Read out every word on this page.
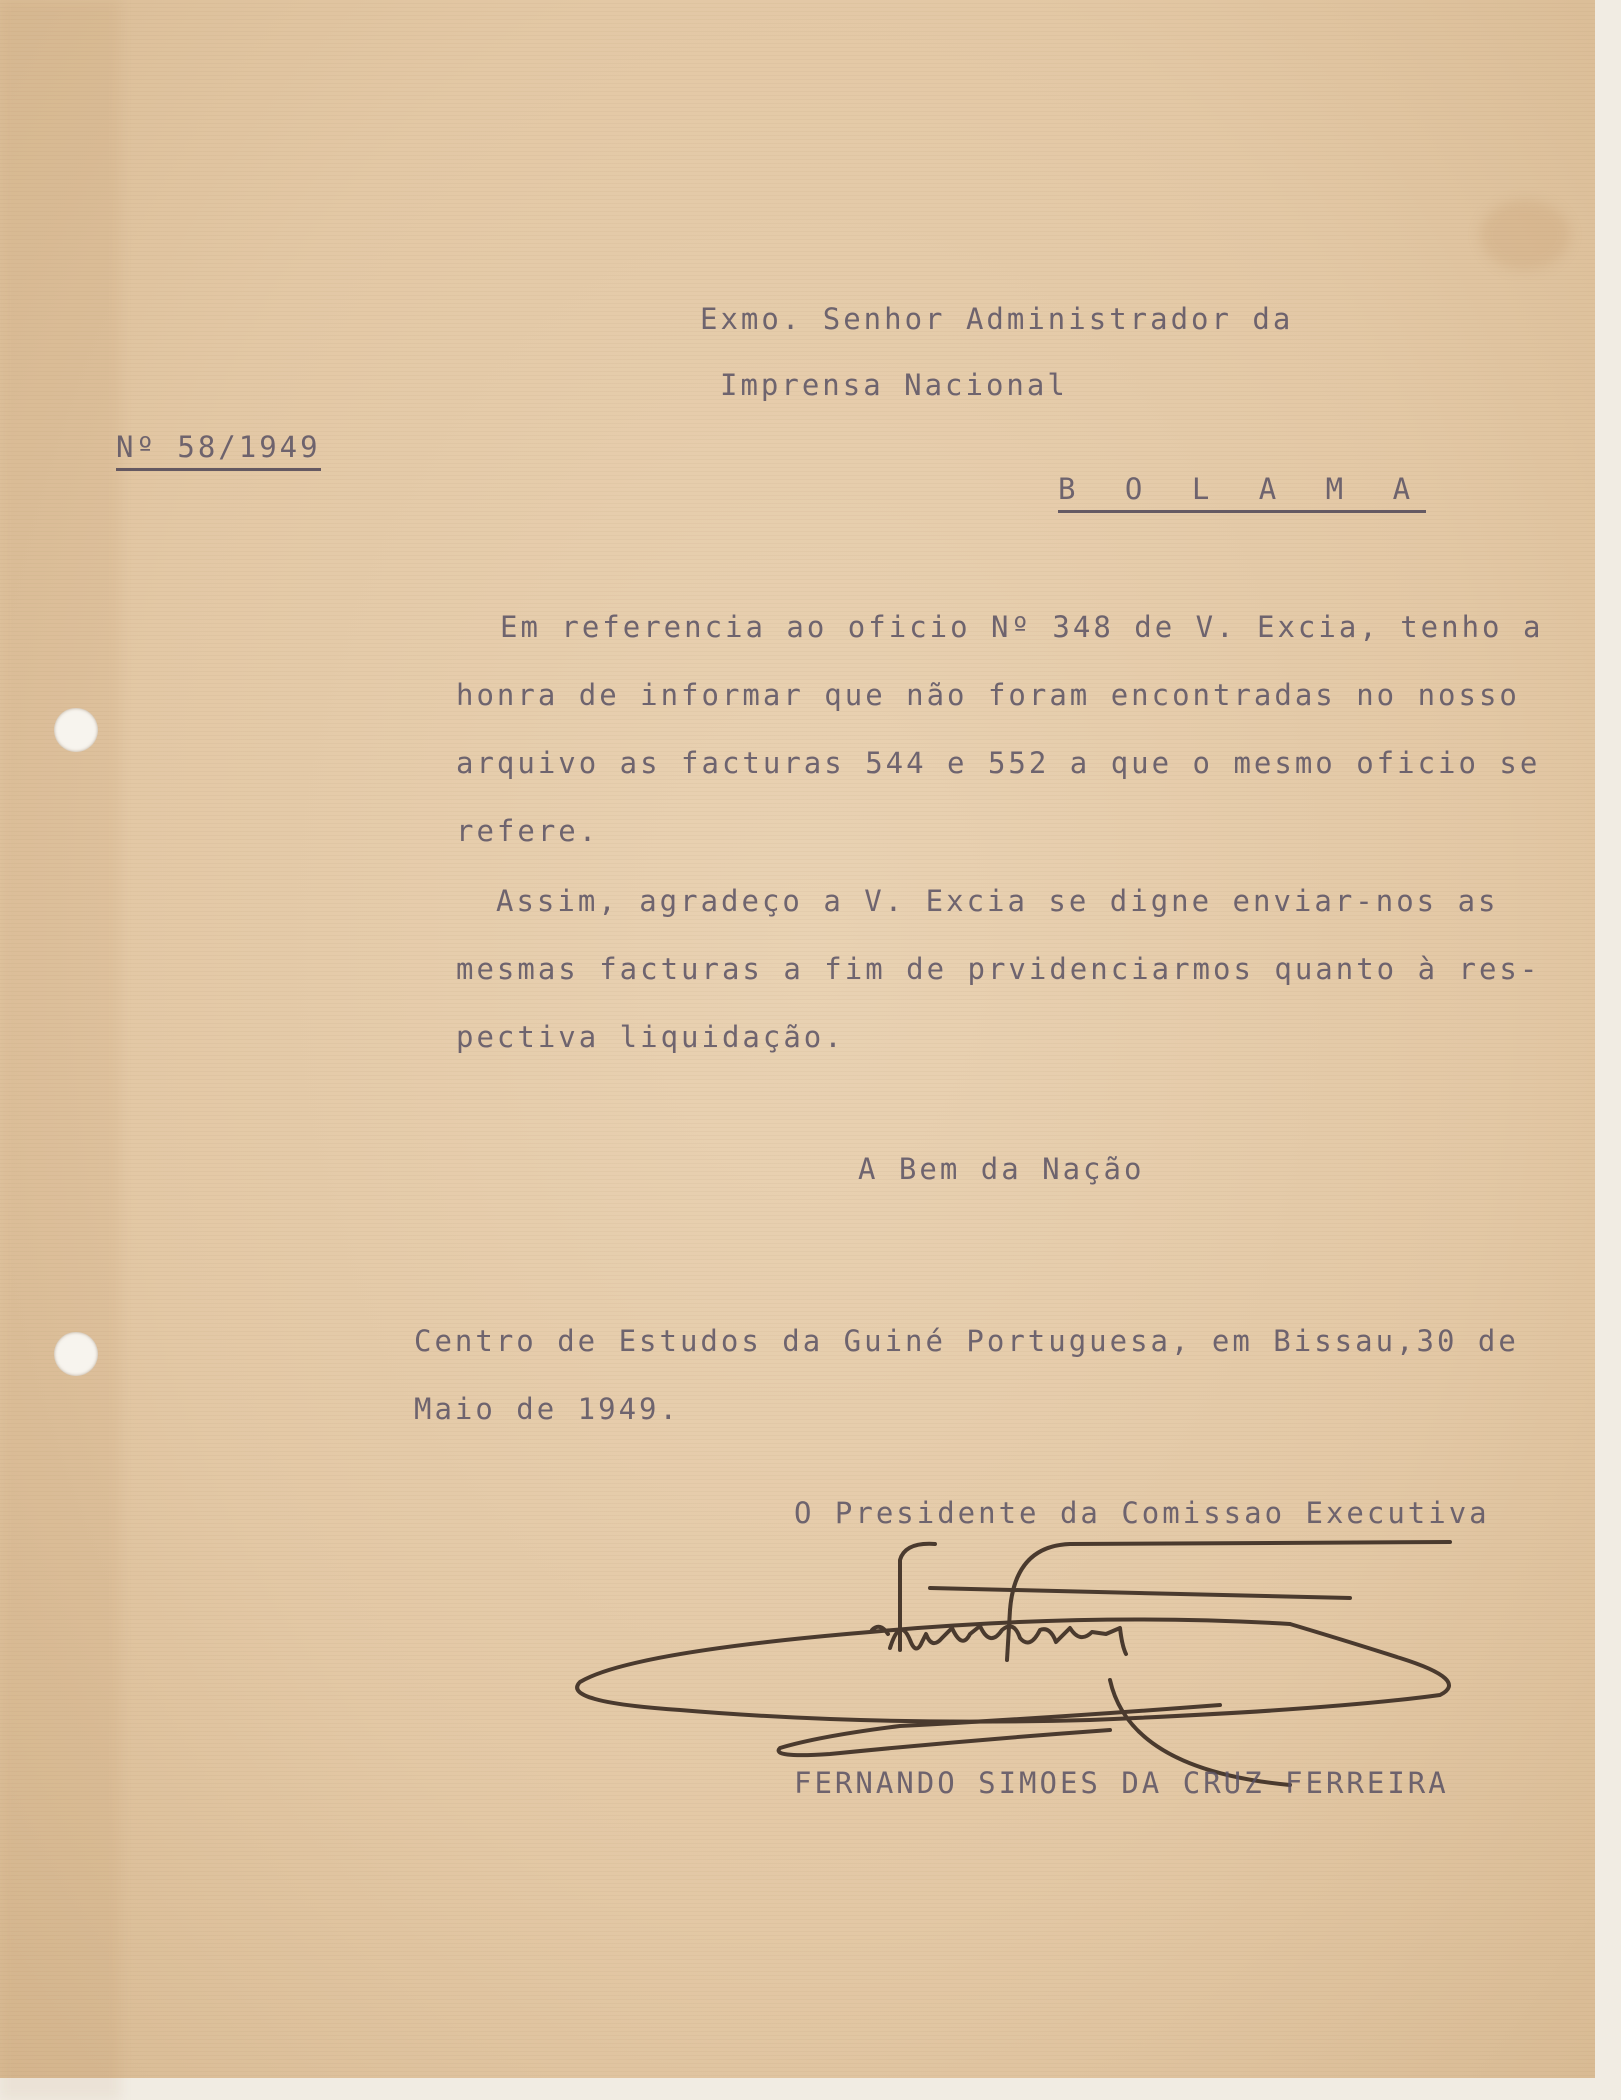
Nº 58/1949
Exmo. Senhor Administrador da
Imprensa Nacional
B O L A M A
Em referencia ao oficio Nº 348 de V. Excia, tenho a
honra de informar que não foram encontradas no nosso
arquivo as facturas 544 e 552 a que o mesmo oficio se
refere.
Assim, agradeço a V. Excia se digne enviar-nos as
mesmas facturas a fim de prvidenciarmos quanto à res-
pectiva liquidação.
A Bem da Nação
Centro de Estudos da Guiné Portuguesa, em Bissau,30 de
Maio de 1949.
O Presidente da Comissao Executiva
FERNANDO SIMOES DA CRUZ FERREIRA
